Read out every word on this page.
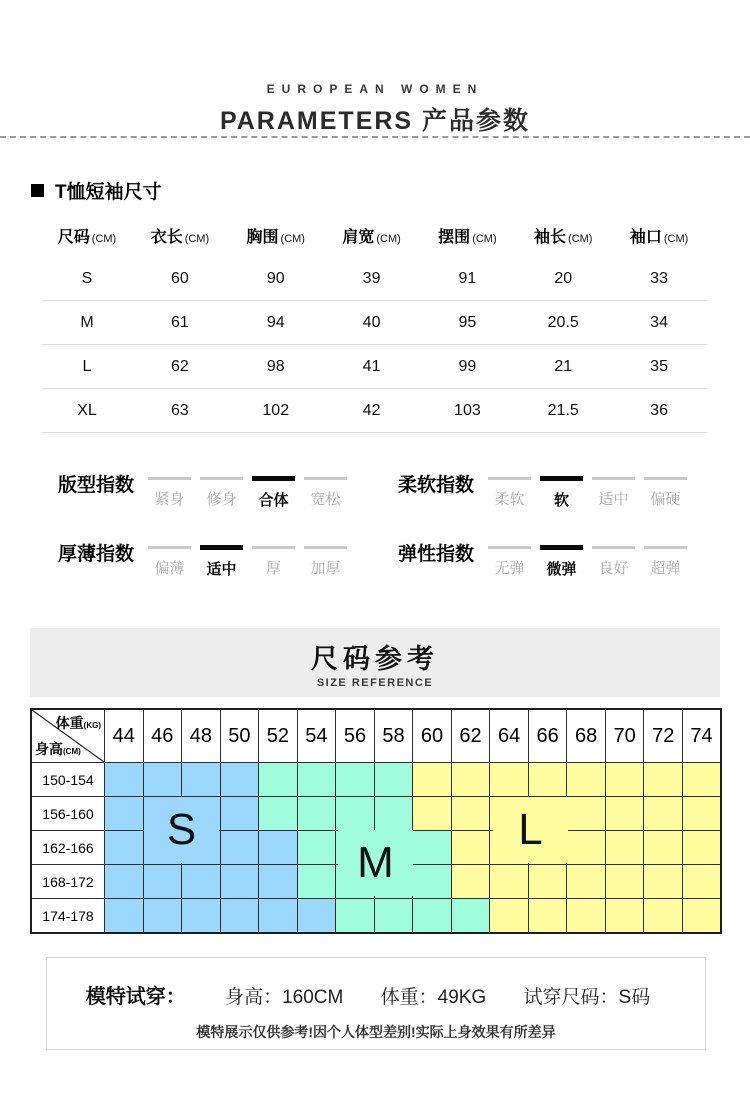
EUROPEAN WOMEN
PARAMETERS 产品参数
T恤短袖尺寸
尺码 (CM)	衣长 (CM)	胸围 (CM)	肩宽 (CM)	摆围 (CM)	袖长 (CM)	袖口 (CM)
S	60	90	39	91	20	33
M	61	94	40	95	20.5	34
L	62	98	41	99	21	35
XL	63	102	42	103	21.5	36
版型指数
紧身	修身	合体	宽松
柔软指数
柔软	软	适中	偏硬
厚薄指数
偏薄	适中	厚	加厚
弹性指数
无弹	微弹	良好	超弹
尺码参考
SIZE REFERENCE
体重(KG)
身高(CM)	44	46	48	50	52	54	56	58	60	62	64	66	68	70	72	74
150-154																
156-160																
162-166																
168-172																
174-178																
S
M
L
模特试穿： 身高：160CM 体重：49KG 试穿尺码：S码
模特展示仅供参考!因个人体型差别!实际上身效果有所差异
